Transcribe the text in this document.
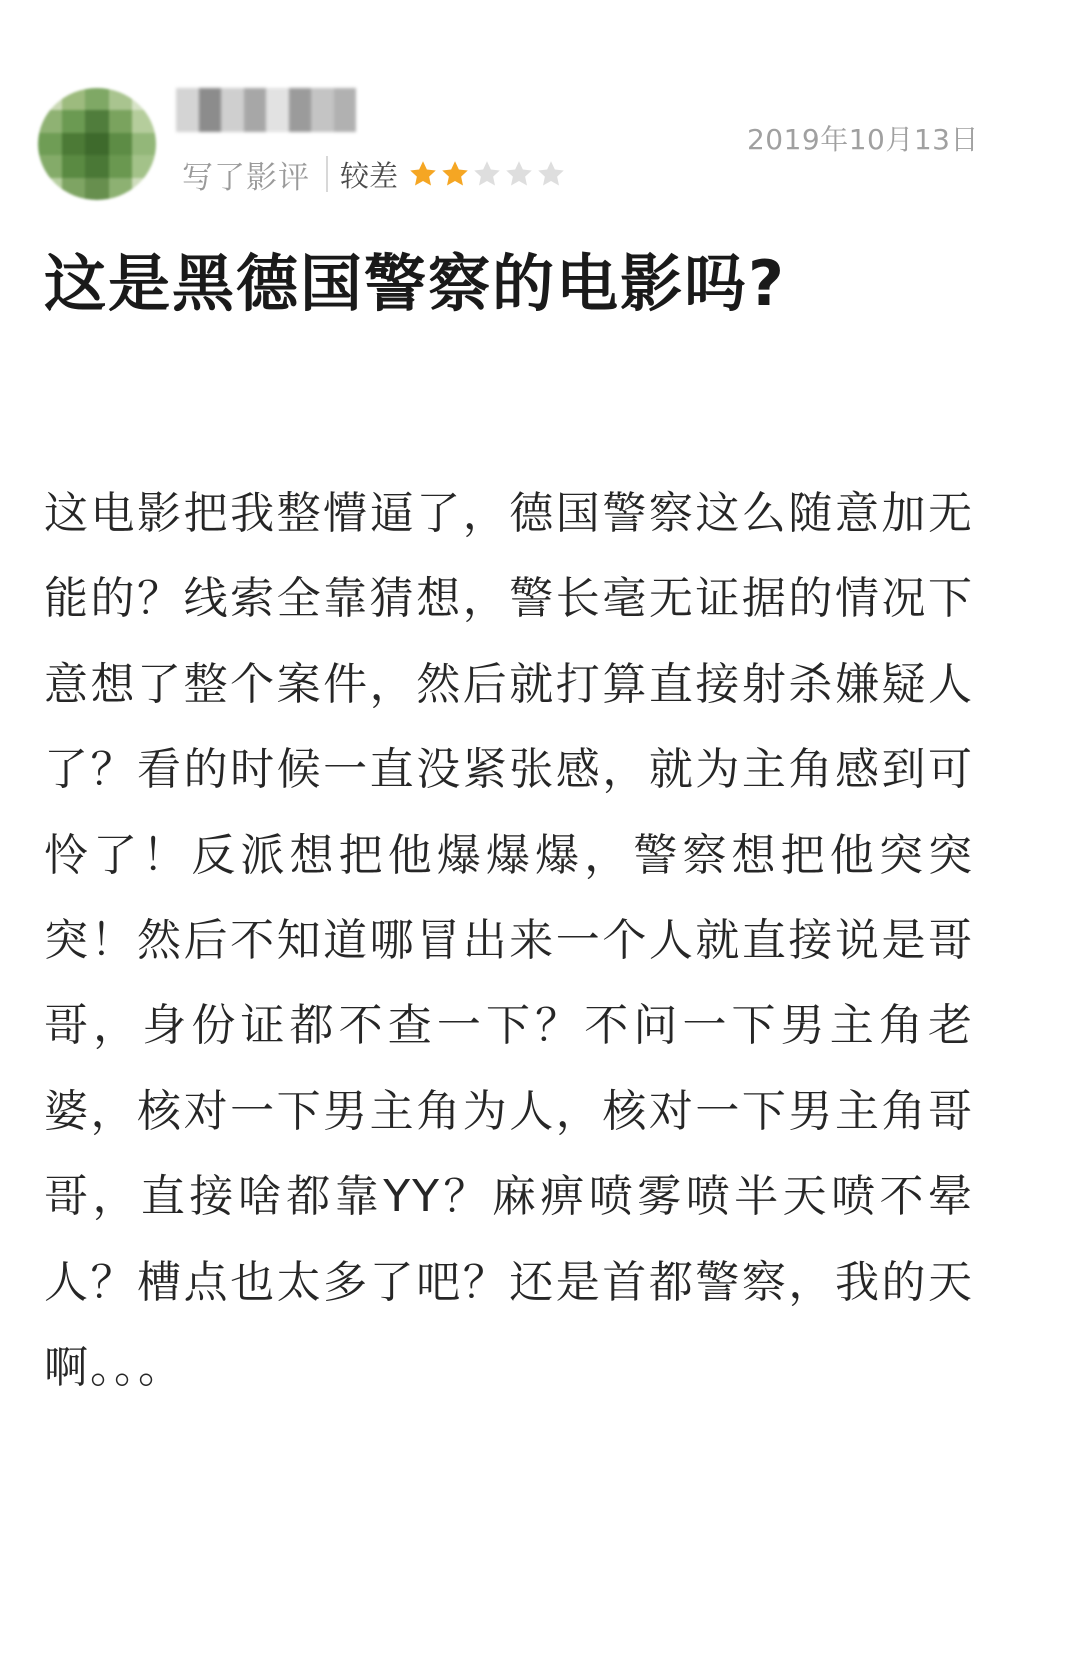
写了影评 较差
2019年10月13日
这是黑德国警察的电影吗?

这电影把我整懵逼了，德国警察这么随意加无能的？线索全靠猜想，警长毫无证据的情况下意想了整个案件，然后就打算直接射杀嫌疑人了？看的时候一直没紧张感，就为主角感到可怜了！反派想把他爆爆爆，警察想把他突突突！然后不知道哪冒出来一个人就直接说是哥哥，身份证都不查一下？不问一下男主角老婆，核对一下男主角为人，核对一下男主角哥哥，直接啥都靠YY？麻痹喷雾喷半天喷不晕人？槽点也太多了吧？还是首都警察，我的天啊。。。
